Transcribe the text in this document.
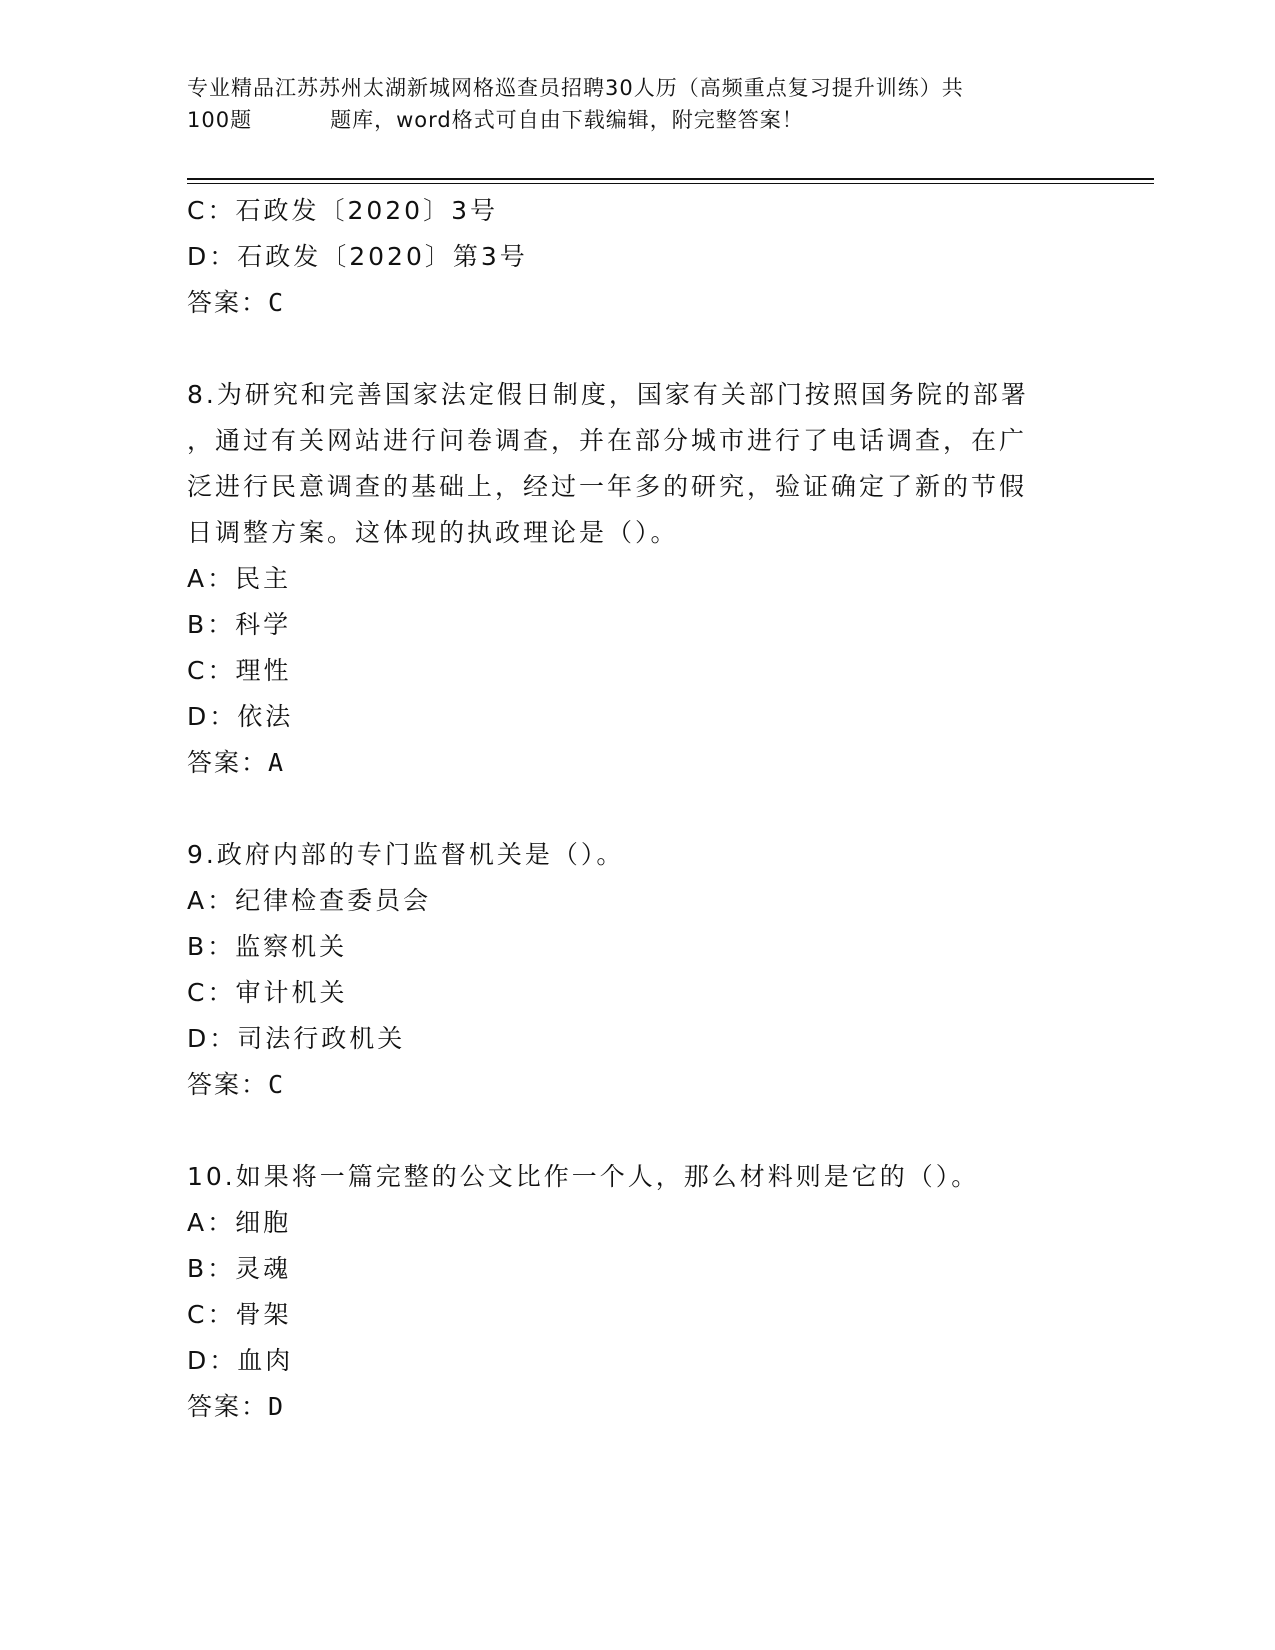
专业精品江苏苏州太湖新城网格巡查员招聘30人历（高频重点复习提升训练）共
100题	题库，word格式可自由下载编辑，附完整答案！
C：石政发〔2020〕3号
D：石政发〔2020〕第3号
答案：C
8.为研究和完善国家法定假日制度，国家有关部门按照国务院的部署
，通过有关网站进行问卷调查，并在部分城市进行了电话调查，在广
泛进行民意调查的基础上，经过一年多的研究，验证确定了新的节假
日调整方案。这体现的执政理论是（）。
A：民主
B：科学
C：理性
D：依法
答案：A
9.政府内部的专门监督机关是（）。
A：纪律检查委员会
B：监察机关
C：审计机关
D：司法行政机关
答案：C
10.如果将一篇完整的公文比作一个人，那么材料则是它的（）。
A：细胞
B：灵魂
C：骨架
D：血肉
答案：D
